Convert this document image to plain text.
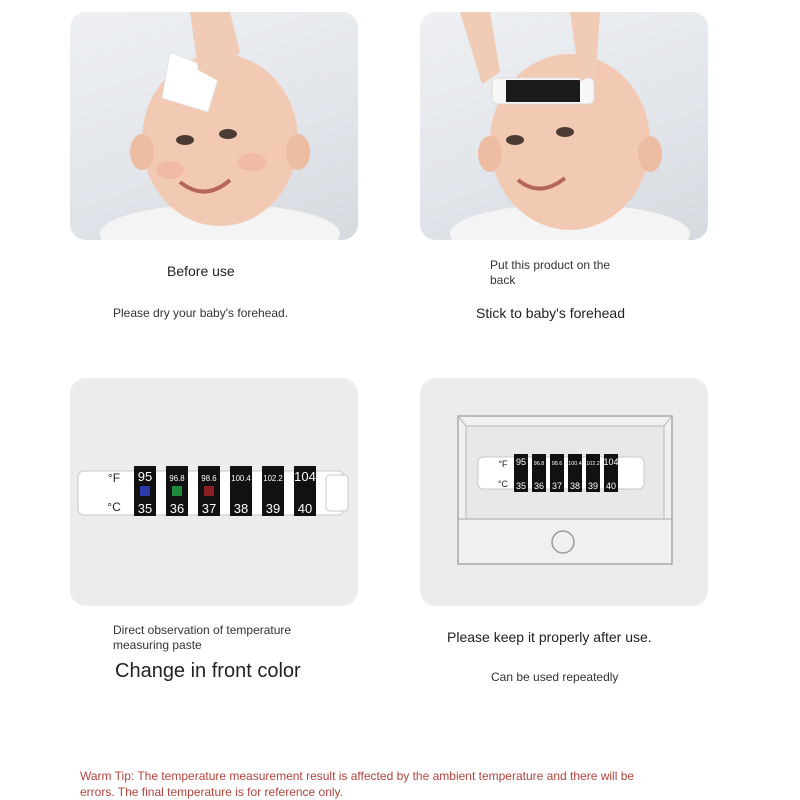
°F
°C
95
35
96.8
36
98.6
37
100.4
38
102.2
39
104
40
°F
°C
95
35
96.8
36
98.6
37
100.4
38
102.2
39
104
40
Before use
Please dry your baby's forehead.
Put this product on the back
Stick to baby's forehead
Direct observation of temperature measuring paste
Change in front color
Please keep it properly after use.
Can be used repeatedly
Warm Tip: The temperature measurement result is affected by the ambient temperature and there will be errors. The final temperature is for reference only.
